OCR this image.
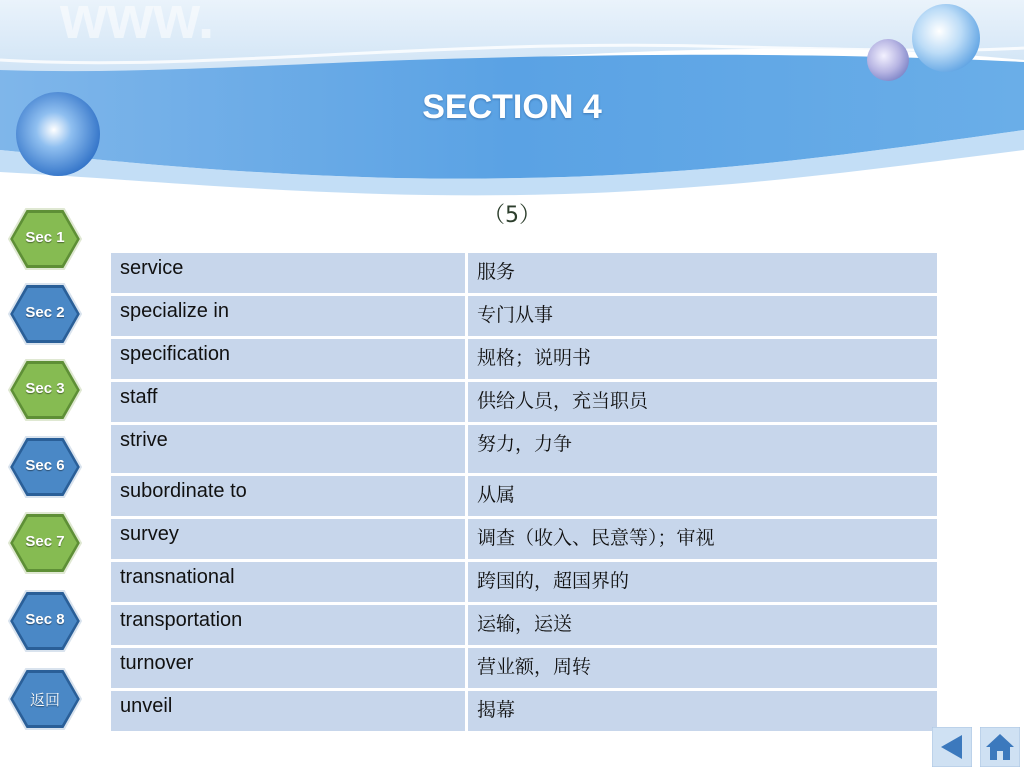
www.
SECTION 4
（5）
Sec 1
Sec 2
Sec 3
Sec 6
Sec 7
Sec 8
返回
service	服务
specialize in	专门从事
specification	规格；说明书
staff	供给人员，充当职员
strive	努力，力争
subordinate to	从属
survey	调查（收入、民意等）；审视
transnational	跨国的，超国界的
transportation	运输，运送
turnover	营业额，周转
unveil	揭幕
